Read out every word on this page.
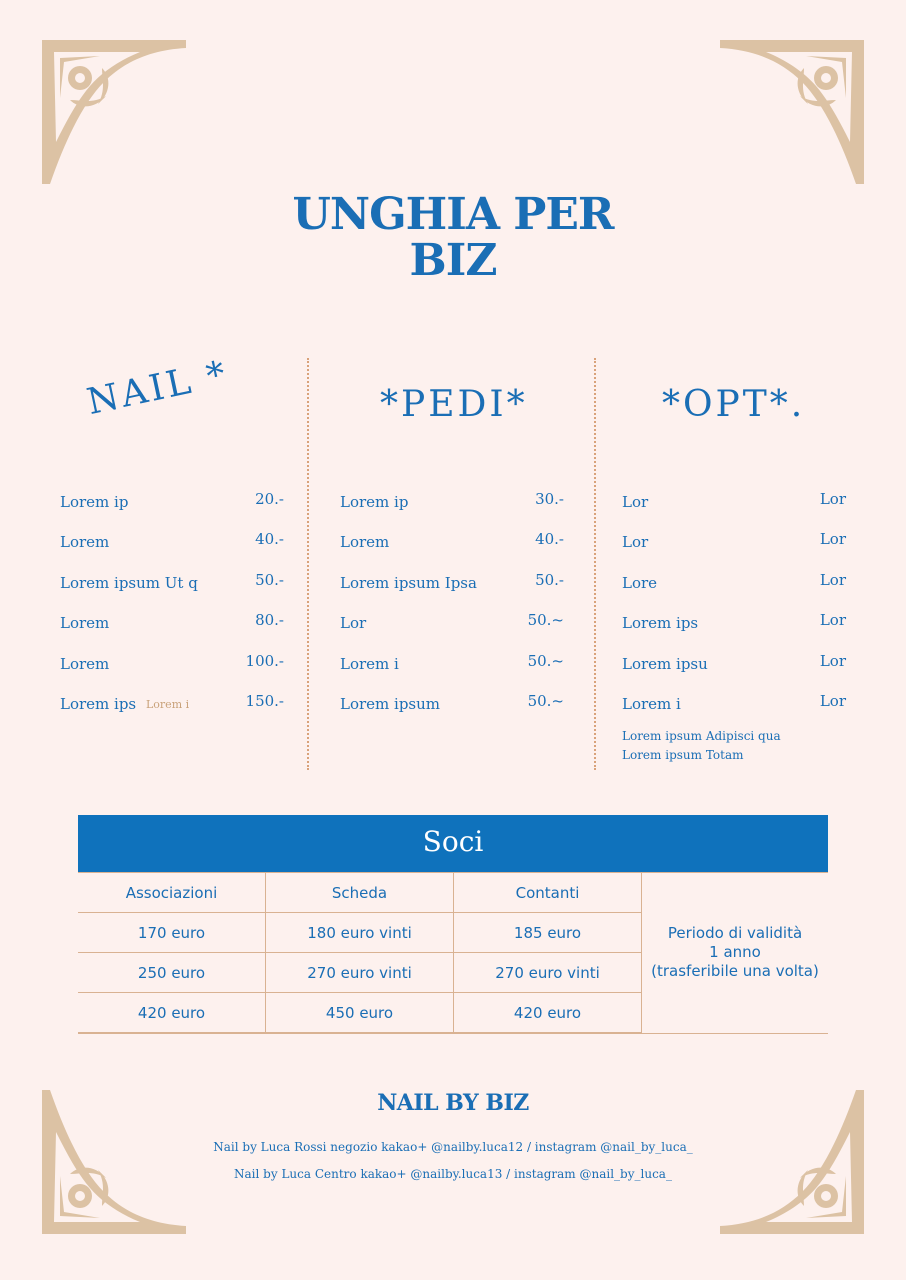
UNGHIA PER
BIZ
NAIL *	*PEDI*	*OPT*.
Lorem ip	20.-
Lorem	40.-
Lorem ipsum Ut q	50.-
Lorem	80.-
Lorem	100.-
Lorem ips Lorem i	150.-
Lorem ip	30.-
Lorem	40.-
Lorem ipsum Ipsa	50.-
Lor	50.~
Lorem i	50.~
Lorem ipsum	50.~
Lor	Lor
Lor	Lor
Lore	Lor
Lorem ips	Lor
Lorem ipsu	Lor
Lorem i	Lor
Lorem ipsum Adipisci qua
Lorem ipsum Totam
Soci
Associazioni	Scheda	Contanti	Periodo di validità
1 anno
(trasferibile una volta)

170 euro	180 euro vinti	185 euro	
250 euro	270 euro vinti	270 euro vinti	
420 euro	450 euro	420 euro	
NAIL BY BIZ
Nail by Luca Rossi negozio kakao+ @nailby.luca12 / instagram @nail_by_luca_
Nail by Luca Centro kakao+ @nailby.luca13 / instagram @nail_by_luca_
